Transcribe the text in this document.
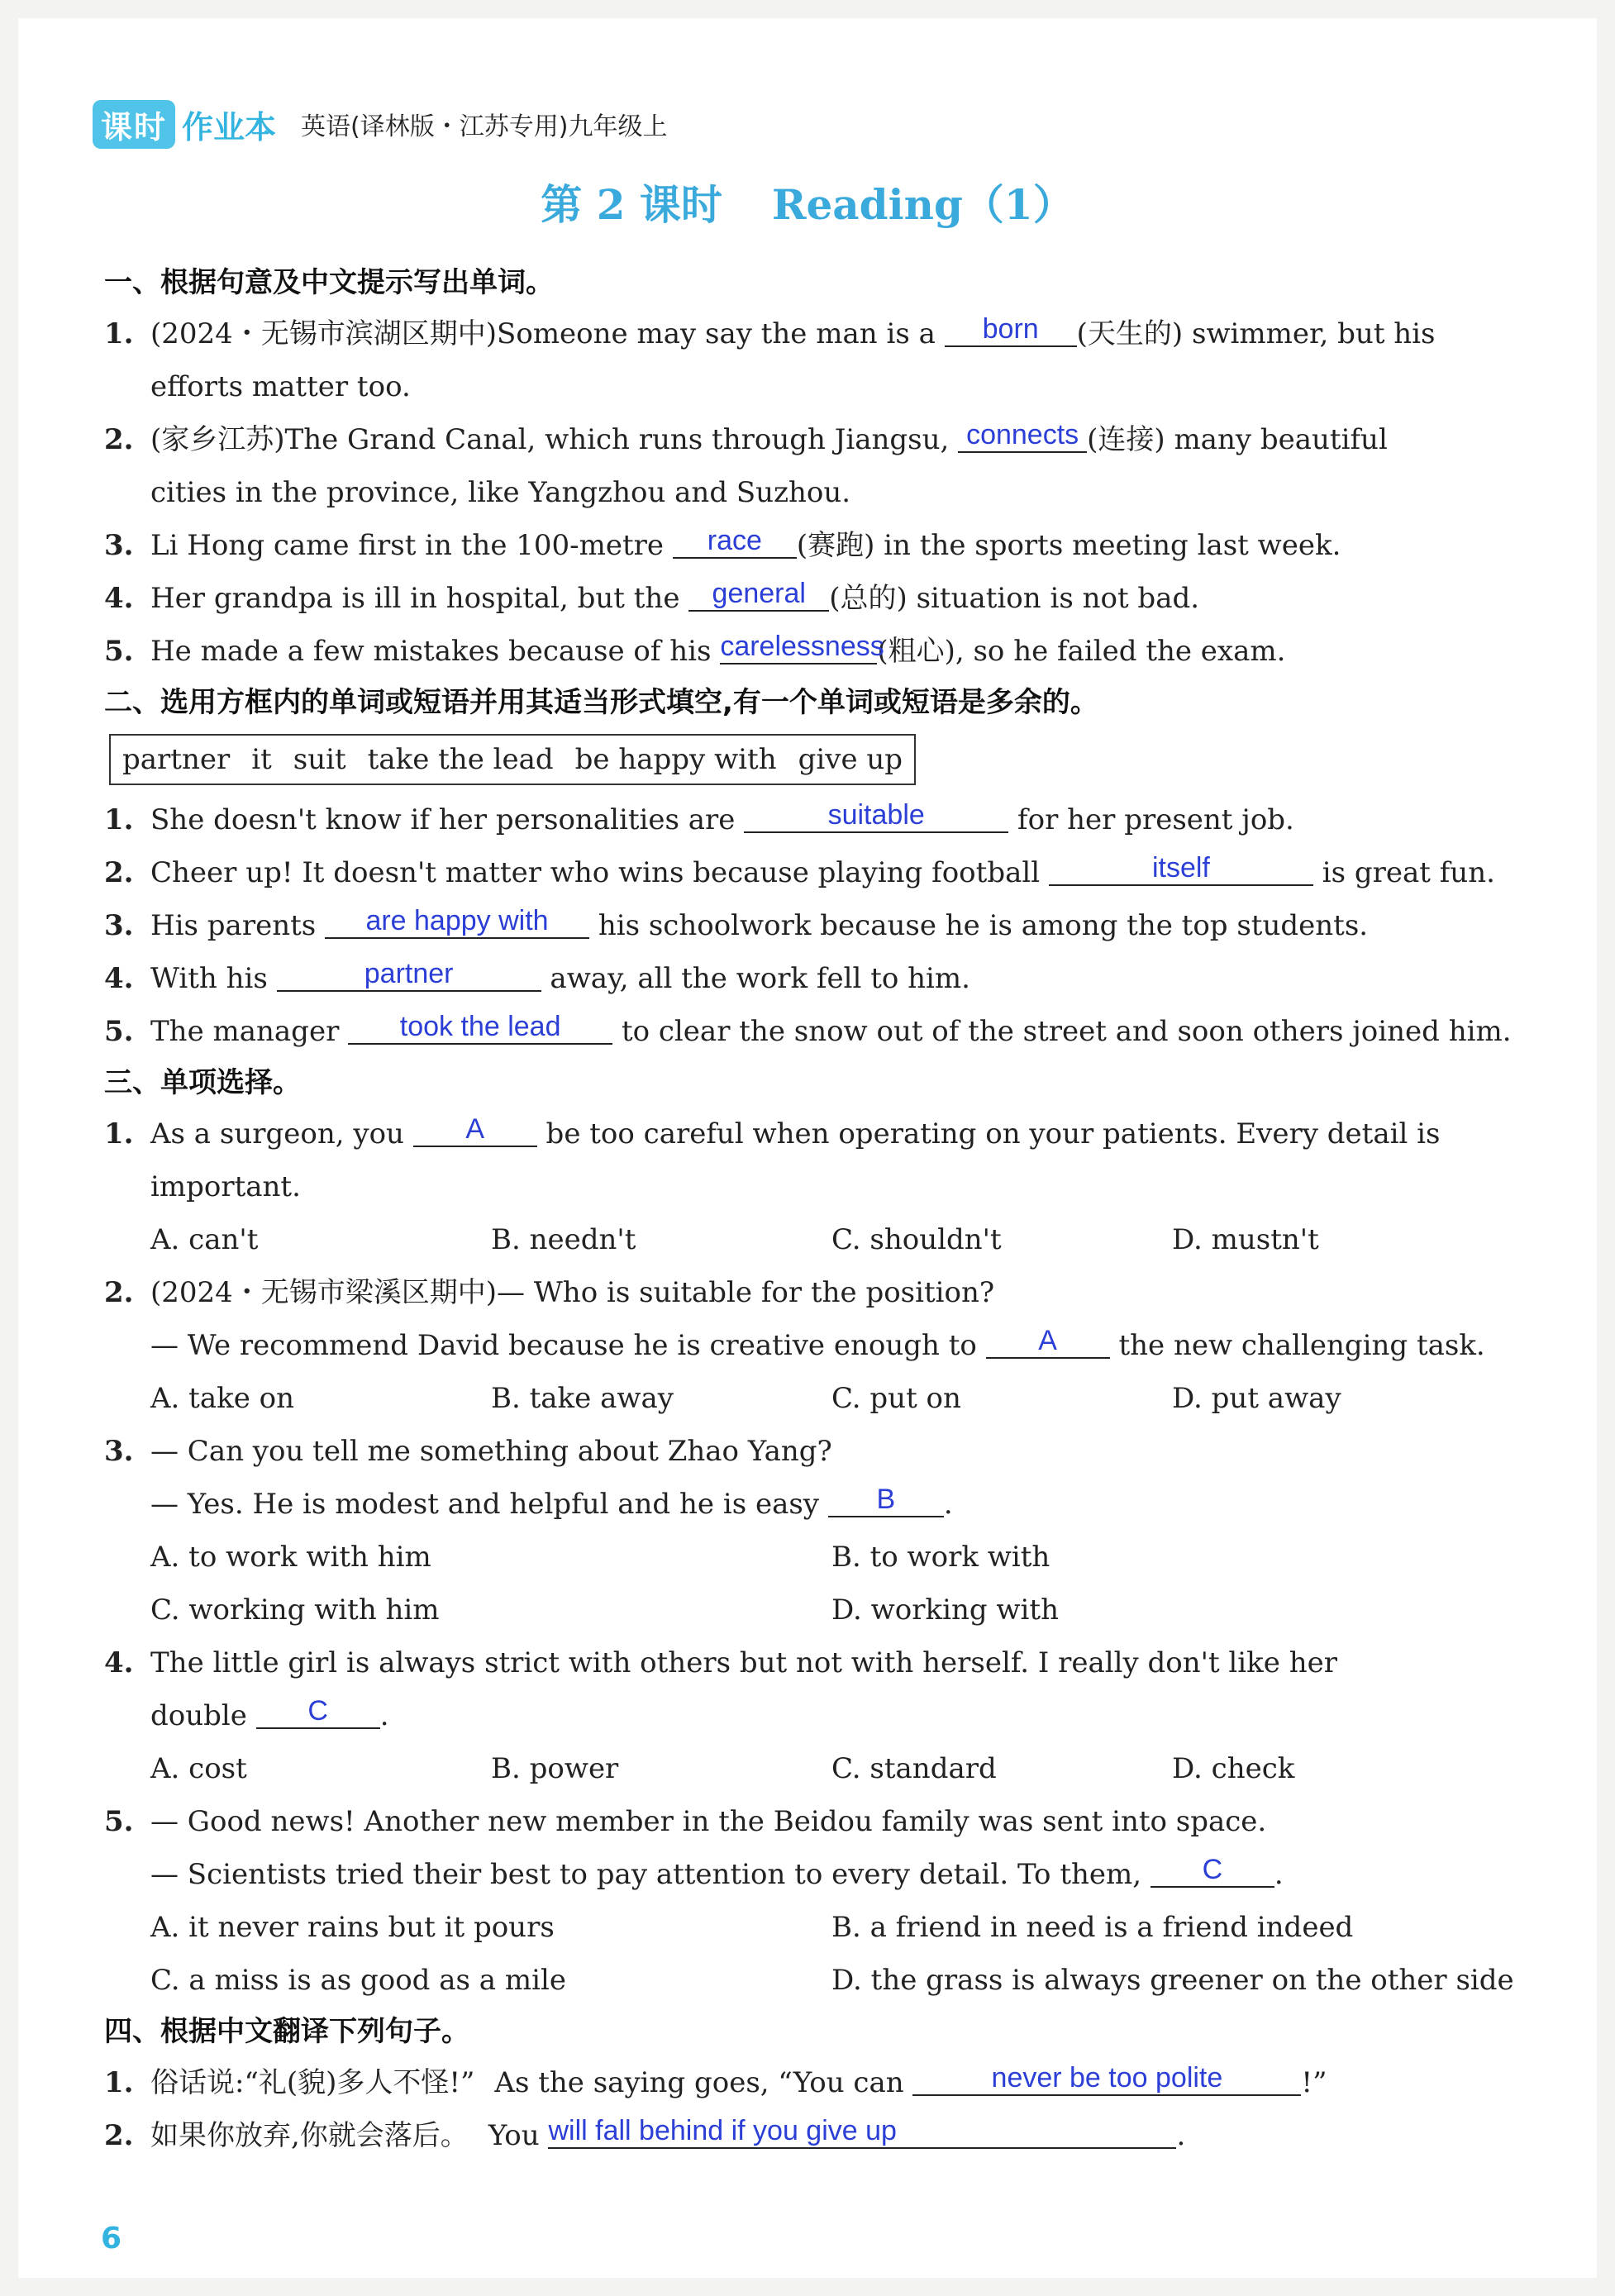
课时 作业本 英语(译林版・江苏专用)九年级上
第 2 课时 Reading（1）
一、根据句意及中文提示写出单词。
1. (2024・无锡市滨湖区期中)Someone may say the man is a born (天生的) swimmer, but his
efforts matter too.
2. (家乡江苏)The Grand Canal, which runs through Jiangsu, connects (连接) many beautiful
cities in the province, like Yangzhou and Suzhou.
3. Li Hong came first in the 100-metre race (赛跑) in the sports meeting last week.
4. Her grandpa is ill in hospital, but the general (总的) situation is not bad.
5. He made a few mistakes because of his carelessness(粗心), so he failed the exam.
二、选用方框内的单词或短语并用其适当形式填空,有一个单词或短语是多余的。
partner it suit take the lead be happy with give up
1. She doesn't know if her personalities are	suitable	for her present job.
2. Cheer up! It doesn't matter who wins because playing football	itself	is great fun.
3. His parents are happy with his schoolwork because he is among the top students.
4. With his	partner	away, all the work fell to him.
5. The manager took the lead to clear the snow out of the street and soon others joined him.
三、单项选择。
1. As a surgeon, you A be too careful when operating on your patients. Every detail is
important.
A. can't	B. needn't	C. shouldn't	D. mustn't
2. (2024・无锡市梁溪区期中)— Who is suitable for the position?
— We recommend David because he is creative enough to A the new challenging task.
A. take on	B. take away	C. put on	D. put away
3. — Can you tell me something about Zhao Yang?
— Yes. He is modest and helpful and he is easy B .
A. to work with him	B. to work with
C. working with him	D. working with
4. The little girl is always strict with others but not with herself. I really don't like her
double C .
A. cost	B. power	C. standard	D. check
5. — Good news! Another new member in the Beidou family was sent into space.
— Scientists tried their best to pay attention to every detail. To them, C .
A. it never rains but it pours	B. a friend in need is a friend indeed
C. a miss is as good as a mile	D. the grass is always greener on the other side
四、根据中文翻译下列句子。
1. 俗话说:“礼(貌)多人不怪!” As the saying goes, “You can	never be too polite	!”
2. 如果你放弃,你就会落后。 You will fall behind if you give up	.
6
